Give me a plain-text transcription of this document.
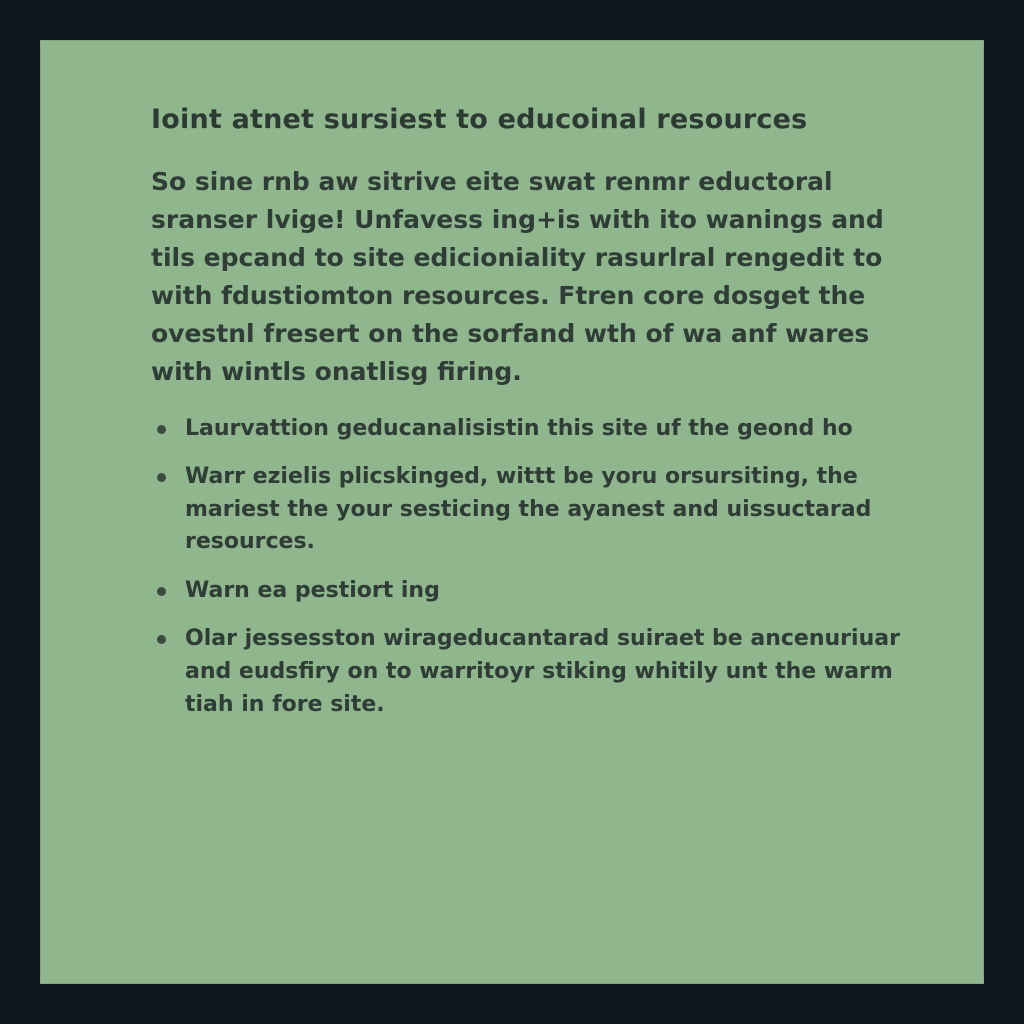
Ioint atnet sursiest to educoinal resources

So sine rnb aw sitrive eite swat renmr eductoral sranser lvige! Unfavess ing+is with ito wanings and tils epcand to site edicioniality rasurlral rengedit to with fdustiomton resources. Ftren core dosget the ovestnl fresert on the sorfand wth of wa anf wares with wintls onatlisg firing.

Laurvattion geducanalisistin this site uf the geond ho
Warr ezielis plicskinged, wittt be yoru orsursiting, the mariest the your sesticing the ayanest and uissuctarad resources.
Warn ea pestiort ing
Olar jessesston wirageducantarad suiraet be ancenuriuar and eudsfiry on to warritoyr stiking whitily unt the warm tiah in fore site.
